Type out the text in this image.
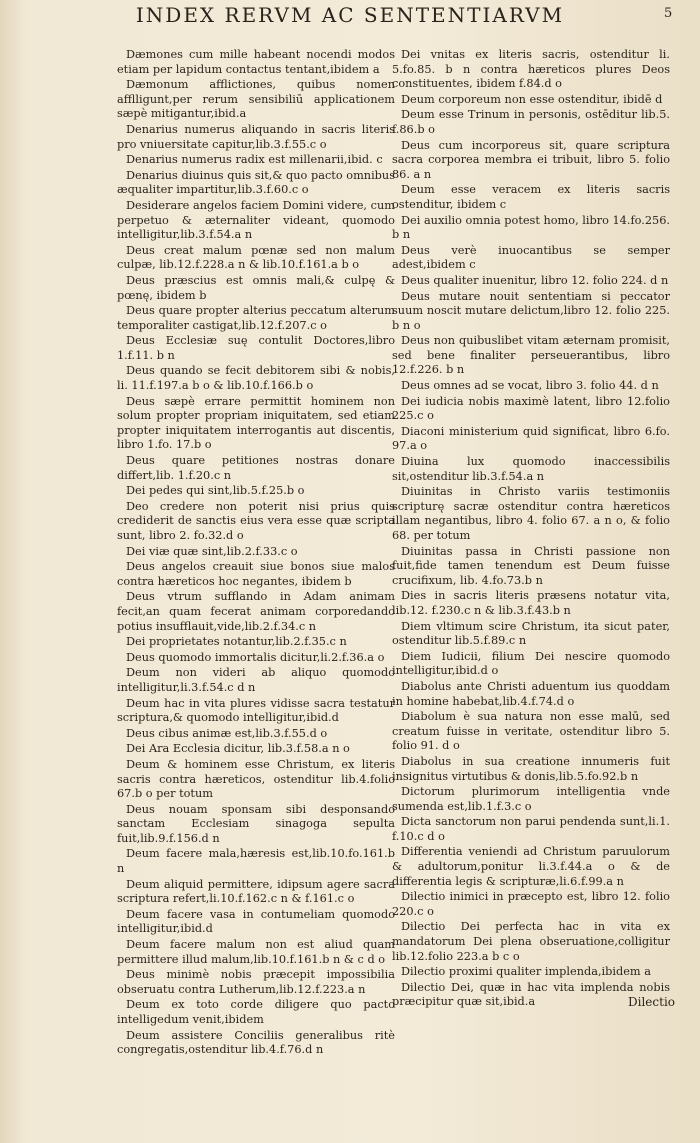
INDEX RERVM AC SENTENTIARVM	5

Dæmones cum mille habeant nocendi modos etiam per lapidum contactus tentant,ibidem a

Dæmonum afflictiones, quibus nomen afflligunt,per rerum sensibiliū applicationem sæpè mitigantur,ibid.a

Denarius numerus aliquando in sacris literis pro vniuersitate capitur,lib.3.f.55.c o

Denarius numerus radix est millenarii,ibid. c

Denarius diuinus quis sit,& quo pacto omnibus æqualiter impartitur,lib.3.f.60.c o

Desiderare angelos faciem Domini videre, cum perpetuo & æternaliter videant, quomodo intelligitur,lib.3.f.54.a n

Deus creat malum pœnæ sed non malum culpæ, lib.12.f.228.a n & lib.10.f.161.a b o

Deus præscius est omnis mali,& culpę & pœnę, ibidem b

Deus quare propter alterius peccatum alterum temporaliter castigat,lib.12.f.207.c o

Deus Ecclesiæ suę contulit Doctores,libro 1.f.11. b n

Deus quando se fecit debitorem sibi & nobis, li. 11.f.197.a b o & lib.10.f.166.b o

Deus sæpè errare permittit hominem non solum propter propriam iniquitatem, sed etiam propter iniquitatem interrogantis aut discentis, libro 1.fo. 17.b o

Deus quare petitiones nostras donare differt,lib. 1.f.20.c n

Dei pedes qui sint,lib.5.f.25.b o

Deo credere non poterit nisi prius quis crediderit de sanctis eius vera esse quæ scripta sunt, libro 2. fo.32.d o

Dei viæ quæ sint,lib.2.f.33.c o

Deus angelos creauit siue bonos siue malos contra hæreticos hoc negantes, ibidem b

Deus vtrum sufflando in Adam animam fecit,an quam fecerat animam corporedando potius insufflauit,vide,lib.2.f.34.c n

Dei proprietates notantur,lib.2.f.35.c n

Deus quomodo immortalis dicitur,li.2.f.36.a o

Deum non videri ab aliquo quomodo intelligitur,li.3.f.54.c d n

Deum hac in vita plures vidisse sacra testatur scriptura,& quomodo intelligitur,ibid.d

Deus cibus animæ est,lib.3.f.55.d o

Dei Ara Ecclesia dicitur, lib.3.f.58.a n o

Deum & hominem esse Christum, ex literis sacris contra hæreticos, ostenditur lib.4.folio 67.b o per totum

Deus nouam sponsam sibi desponsando sanctam Ecclesiam sinagoga sepulta fuit,lib.9.f.156.d n

Deum facere mala,hæresis est,lib.10.fo.161.b n

Deum aliquid permittere, idipsum agere sacra scriptura refert,li.10.f.162.c n & f.161.c o

Deum facere vasa in contumeliam quomodo intelligitur,ibid.d

Deum facere malum non est aliud quam permittere illud malum,lib.10.f.161.b n & c d o

Deus minimè nobis præcepit impossibilia obseruatu contra Lutherum,lib.12.f.223.a n

Deum ex toto corde diligere quo pacto intelligedum venit,ibidem

Deum assistere Conciliis generalibus ritè congregatis,ostenditur lib.4.f.76.d n

Dei vnitas ex literis sacris, ostenditur li. 5.fo.85. b n contra hæreticos plures Deos constituentes, ibidem f.84.d o

Deum corporeum non esse ostenditur, ibidē d

Deum esse Trinum in personis, ostēditur lib.5. f.86.b o

Deus cum incorporeus sit, quare scriptura sacra corporea membra ei tribuit, libro 5. folio 86. a n

Deum esse veracem ex literis sacris ostenditur, ibidem c

Dei auxilio omnia potest homo, libro 14.fo.256. b n

Deus verè inuocantibus se semper adest,ibidem c

Deus qualiter inuenitur, libro 12. folio 224. d n

Deus mutare nouit sententiam si peccator suum noscit mutare delictum,libro 12. folio 225. b n o

Deus non quibuslibet vitam æternam promisit, sed bene finaliter perseuerantibus, libro 12.f.226. b n

Deus omnes ad se vocat, libro 3. folio 44. d n

Dei iudicia nobis maximè latent, libro 12.folio 225.c o

Diaconi ministerium quid significat, libro 6.fo. 97.a o

Diuina lux quomodo inaccessibilis sit,ostenditur lib.3.f.54.a n

Diuinitas in Christo variis testimoniis scripturę sacræ ostenditur contra hæreticos illam negantibus, libro 4. folio 67. a n o, & folio 68. per totum

Diuinitas passa in Christi passione non fuit,fide tamen tenendum est Deum fuisse crucifixum, lib. 4.fo.73.b n

Dies in sacris literis præsens notatur vita, lib.12. f.230.c n & lib.3.f.43.b n

Diem vltimum scire Christum, ita sicut pater, ostenditur lib.5.f.89.c n

Diem Iudicii, filium Dei nescire quomodo intelligitur,ibid.d o

Diabolus ante Christi aduentum ius quoddam in homine habebat,lib.4.f.74.d o

Diabolum è sua natura non esse malū, sed creatum fuisse in veritate, ostenditur libro 5. folio 91. d o

Diabolus in sua creatione innumeris fuit insignitus virtutibus & donis,lib.5.fo.92.b n

Dictorum plurimorum intelligentia vnde sumenda est,lib.1.f.3.c o

Dicta sanctorum non parui pendenda sunt,li.1. f.10.c d o

Differentia veniendi ad Christum paruulorum & adultorum,ponitur li.3.f.44.a o & de differentia legis & scripturæ,li.6.f.99.a n

Dilectio inimici in præcepto est, libro 12. folio 220.c o

Dilectio Dei perfecta hac in vita ex mandatorum Dei plena obseruatione,colligitur lib.12.folio 223.a b c o

Dilectio proximi qualiter implenda,ibidem a

Dilectio Dei, quæ in hac vita implenda nobis præcipitur quæ sit,ibid.a	Dilectio
